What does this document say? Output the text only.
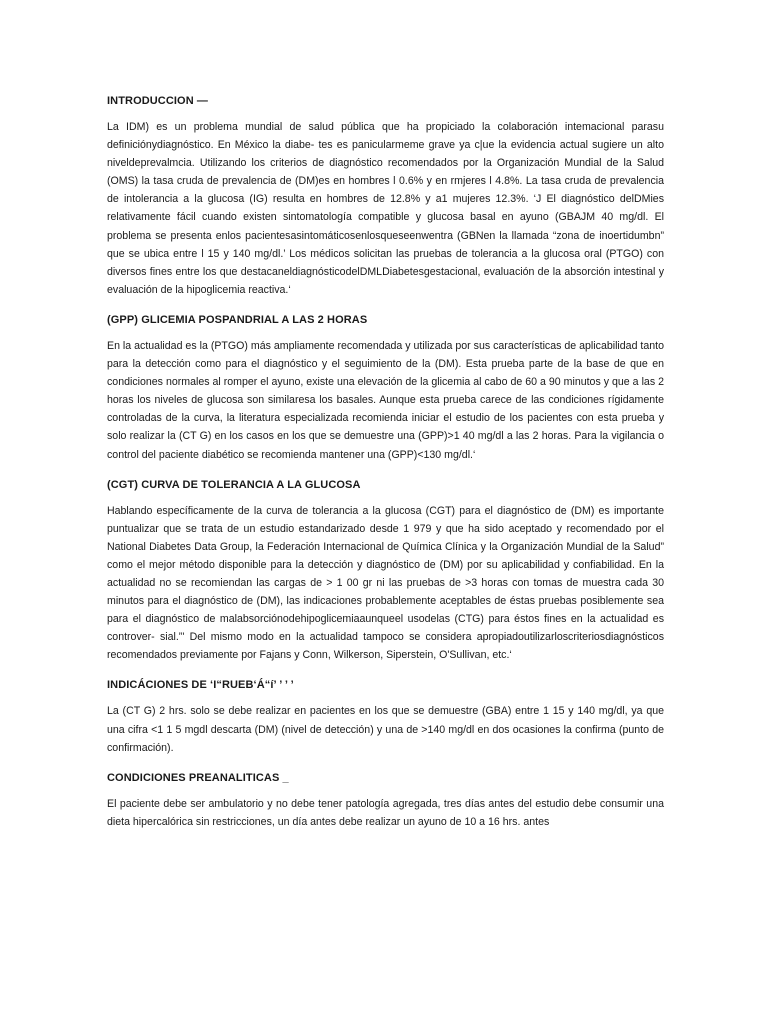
INTRODUCCION —

La IDM) es un problema mundial de salud pública que ha propiciado la colaboración intemacional parasu definiciónydiagnóstico. En México la diabe- tes es panicularmeme grave ya c|ue la evidencia actual sugiere un alto niveldeprevalmcia. Utilizando los criterios de diagnóstico recomendados por la Organización Mundial de la Salud (OMS) la tasa cruda de prevalencia de (DM)es en hombres l 0.6% y en rmjeres l 4.8%. La tasa cruda de prevalencia de intolerancia a la glucosa (IG) resulta en hombres de 12.8% y a1 mujeres 12.3%. ‘J El diagnóstico delDMies relativamente fácil cuando existen sintomatología compatible y glucosa basal en ayuno (GBAJM 40 mg/dl. El problema se presenta enlos pacientesasintomáticosenlosqueseenwentra (GBNen la llamada “zona de inoertidumbn” que se ubica entre l 15 y 140 mg/dl.’ Los médicos solicitan las pruebas de tolerancia a la glucosa oral (PTGO) con diversos fines entre los que destacaneldiagnósticodelDMLDiabetesgestacional, evaluación de la absorción intestinal y evaluación de la hipoglicemia reactiva.‘

(GPP) GLICEMIA POSPANDRIAL A LAS 2 HORAS

En la actualidad es la (PTGO) más ampliamente recomendada y utilizada por sus características de aplicabilidad tanto para la detección como para el diagnóstico y el seguimiento de la (DM). Esta prueba parte de la base de que en condiciones normales al romper el ayuno, existe una elevación de la glicemia al cabo de 60 a 90 minutos y que a las 2 horas los niveles de glucosa son similaresa los basales. Aunque esta prueba carece de las condiciones rígidamente controladas de la curva, la literatura especializada recomienda iniciar el estudio de los pacientes con esta prueba y solo realizar la (CT G) en los casos en los que se demuestre una (GPP)>1 40 mg/dl a las 2 horas. Para la vigilancia o control del paciente diabético se recomienda mantener una (GPP)<130 mg/dl.‘

(CGT) CURVA DE TOLERANCIA A LA GLUCOSA

Hablando específicamente de la curva de tolerancia a la glucosa (CGT) para el diagnóstico de (DM) es importante puntualizar que se trata de un estudio estandarizado desde 1 979 y que ha sido aceptado y recomendado por el National Diabetes Data Group, la Federación Internacional de Química Clínica y la Organización Mundial de la Salud” como el mejor método disponible para la detección y diagnóstico de (DM) por su aplicabilidad y confiabilidad. En la actualidad no se recomiendan las cargas de > 1 00 gr ni las pruebas de >3 horas con tomas de muestra cada 30 minutos para el diagnóstico de (DM), las indicaciones probablemente aceptables de éstas pruebas posiblemente sea para el diagnóstico de malabsorciónodehipoglicemiaaunqueel usodelas (CTG) para éstos fines en la actualidad es controver- sial.”' Del mismo modo en la actualidad tampoco se considera apropiadoutilizarloscriteriosdiagnósticos recomendados previamente por Fajans y Conn, Wilkerson, Siperstein, O'Sullivan, etc.‘

INDICÁCIONES DE ‘I“RUEB‘Á“í’ ’ ’ ’

La (CT G) 2 hrs. solo se debe realizar en pacientes en los que se demuestre (GBA) entre 1 15 y 140 mg/dl, ya que una cifra <1 1 5 mgdl descarta (DM) (nivel de detección) y una de >140 mg/dl en dos ocasiones la confirma (punto de confirmación).

CONDICIONES PREANALITICAS _

El paciente debe ser ambulatorio y no debe tener patología agregada, tres días antes del estudio debe consumir una dieta hipercalórica sin restricciones, un día antes debe realizar un ayuno de 10 a 16 hrs. antes
